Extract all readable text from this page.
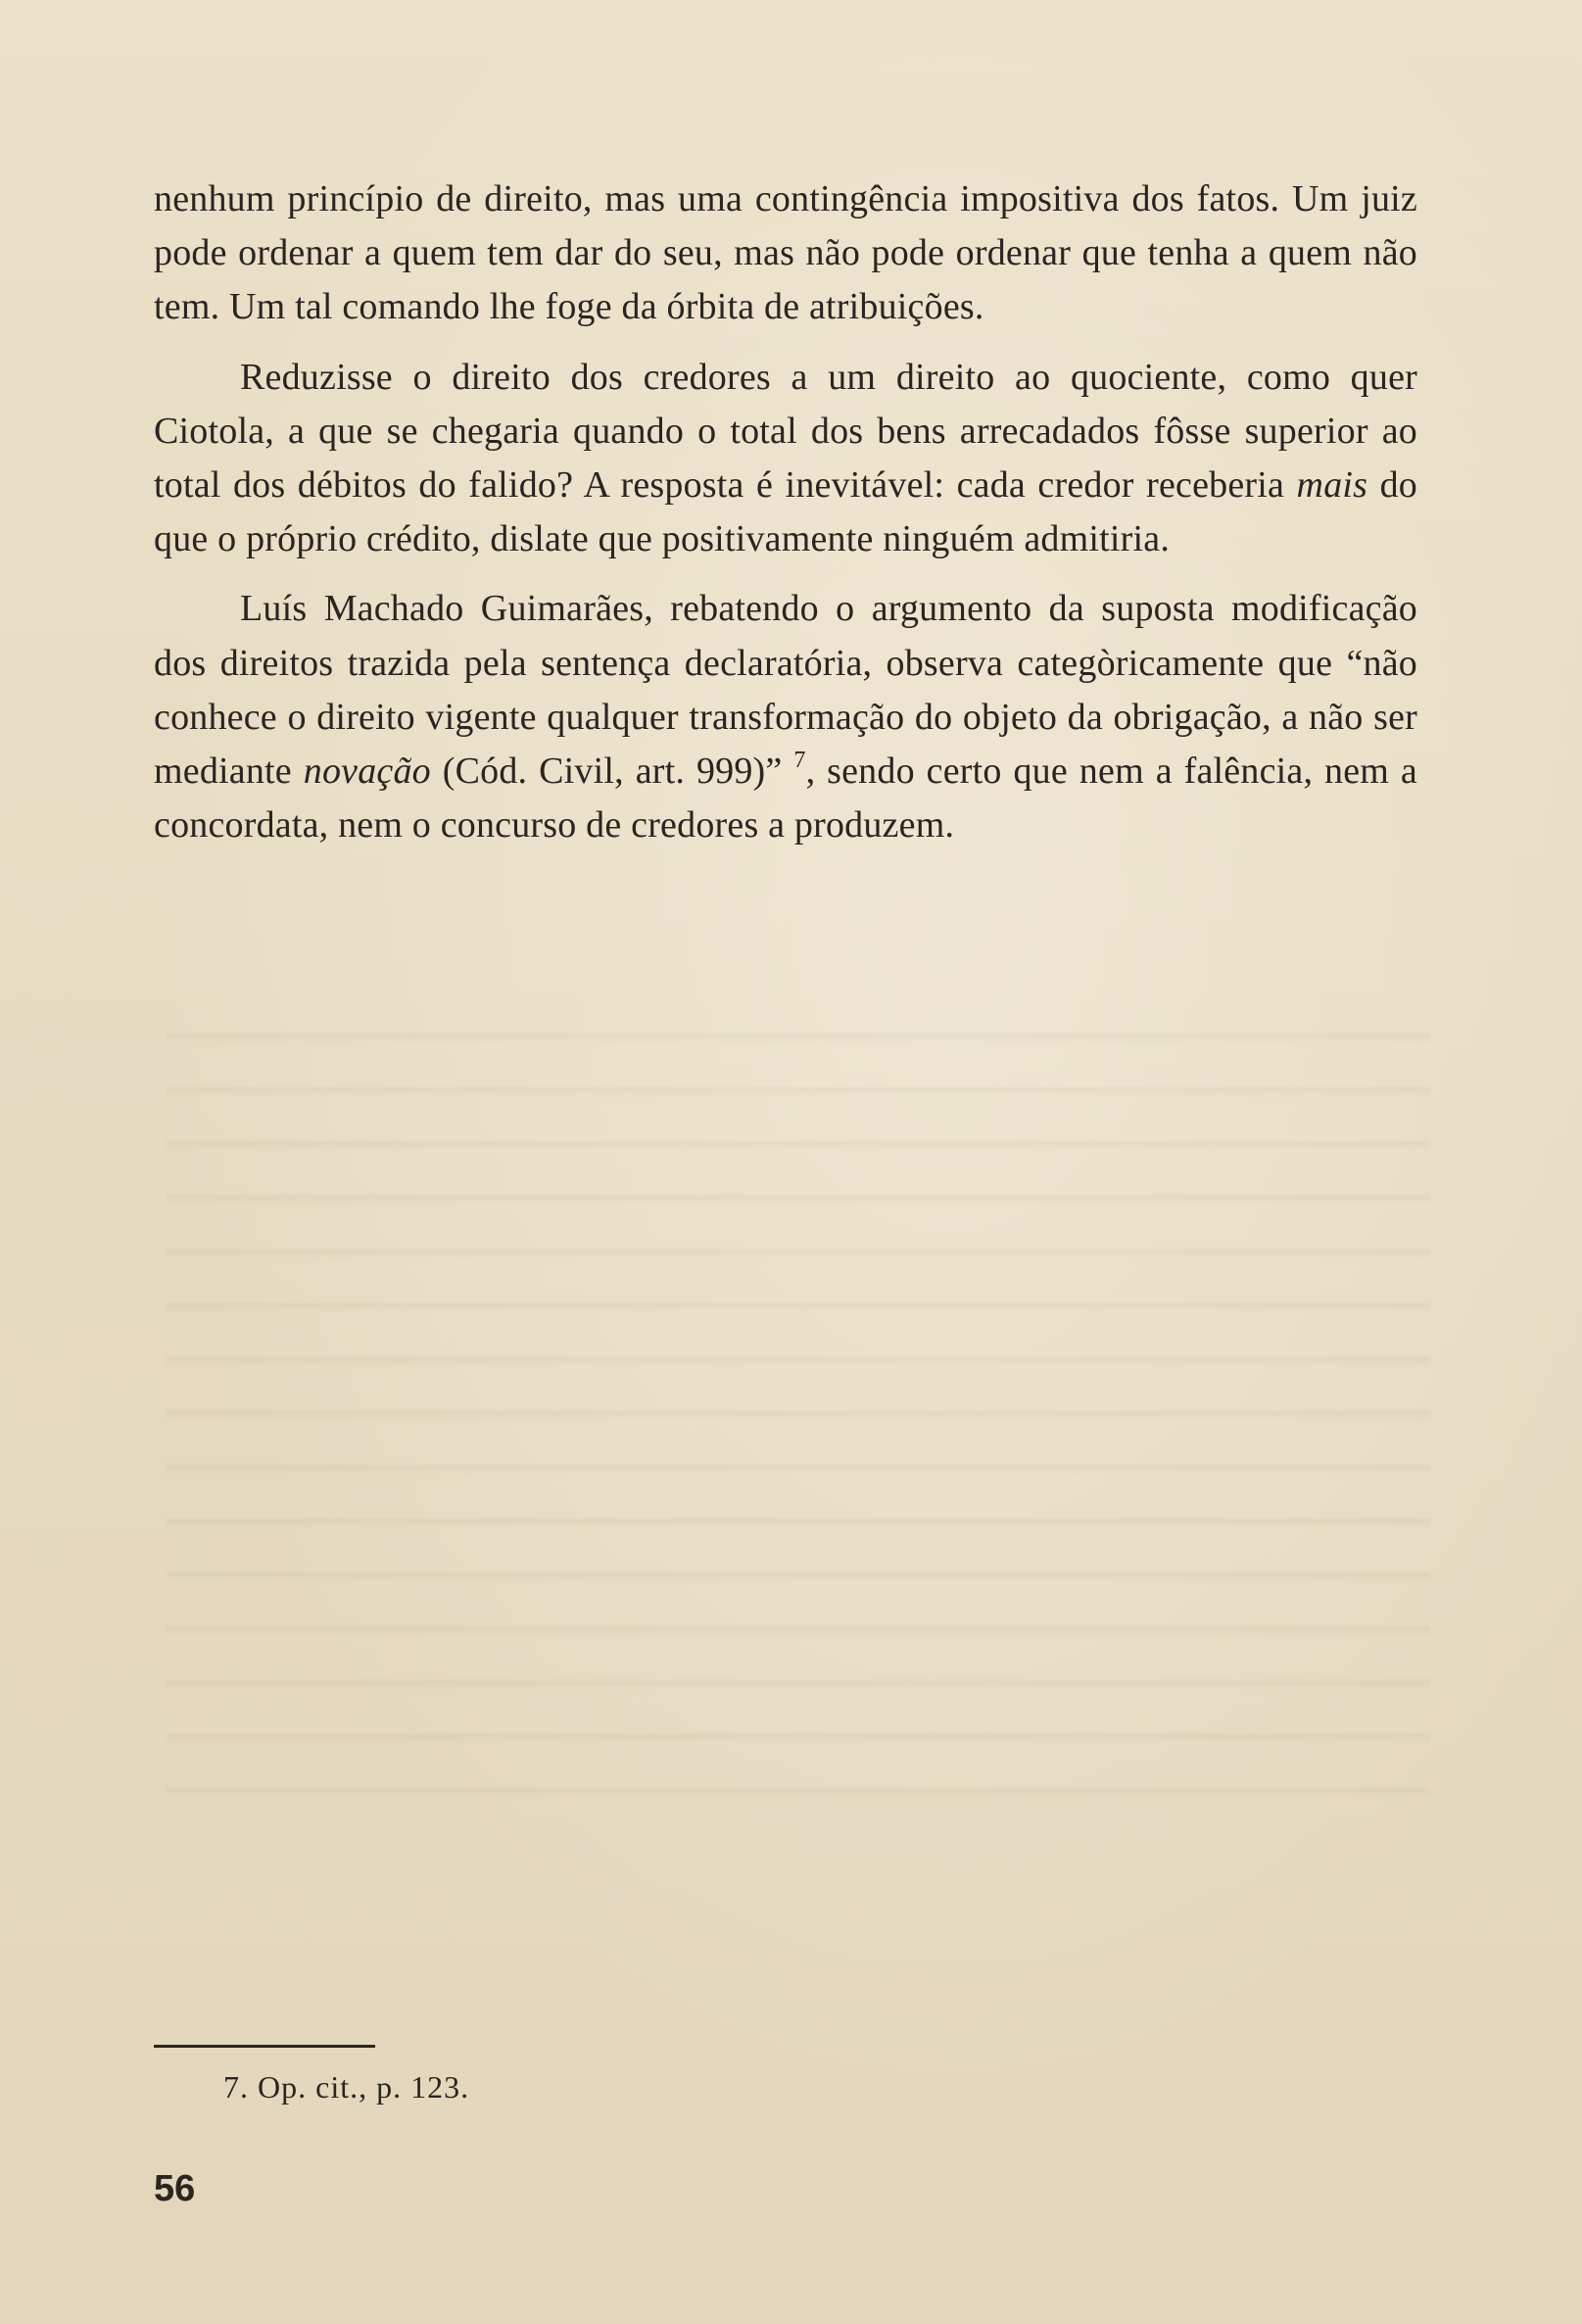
nenhum princípio de direito, mas uma contingência impositiva dos fatos. Um juiz pode ordenar a quem tem dar do seu, mas não pode ordenar que tenha a quem não tem. Um tal comando lhe foge da órbita de atribuições.

Reduzisse o direito dos credores a um direito ao quociente, como quer Ciotola, a que se chegaria quando o total dos bens arrecadados fôsse superior ao total dos débitos do falido? A resposta é inevitável: cada credor receberia mais do que o próprio crédito, dislate que positivamente ninguém admitiria.

Luís Machado Guimarães, rebatendo o argumento da suposta modificação dos direitos trazida pela sentença declaratória, observa categòricamente que “não conhece o direito vigente qualquer transformação do objeto da obrigação, a não ser mediante novação (Cód. Civil, art. 999)” $^7$, sendo certo que nem a falência, nem a concordata, nem o concurso de credores a produzem.

7. Op. cit., p. 123.
56
